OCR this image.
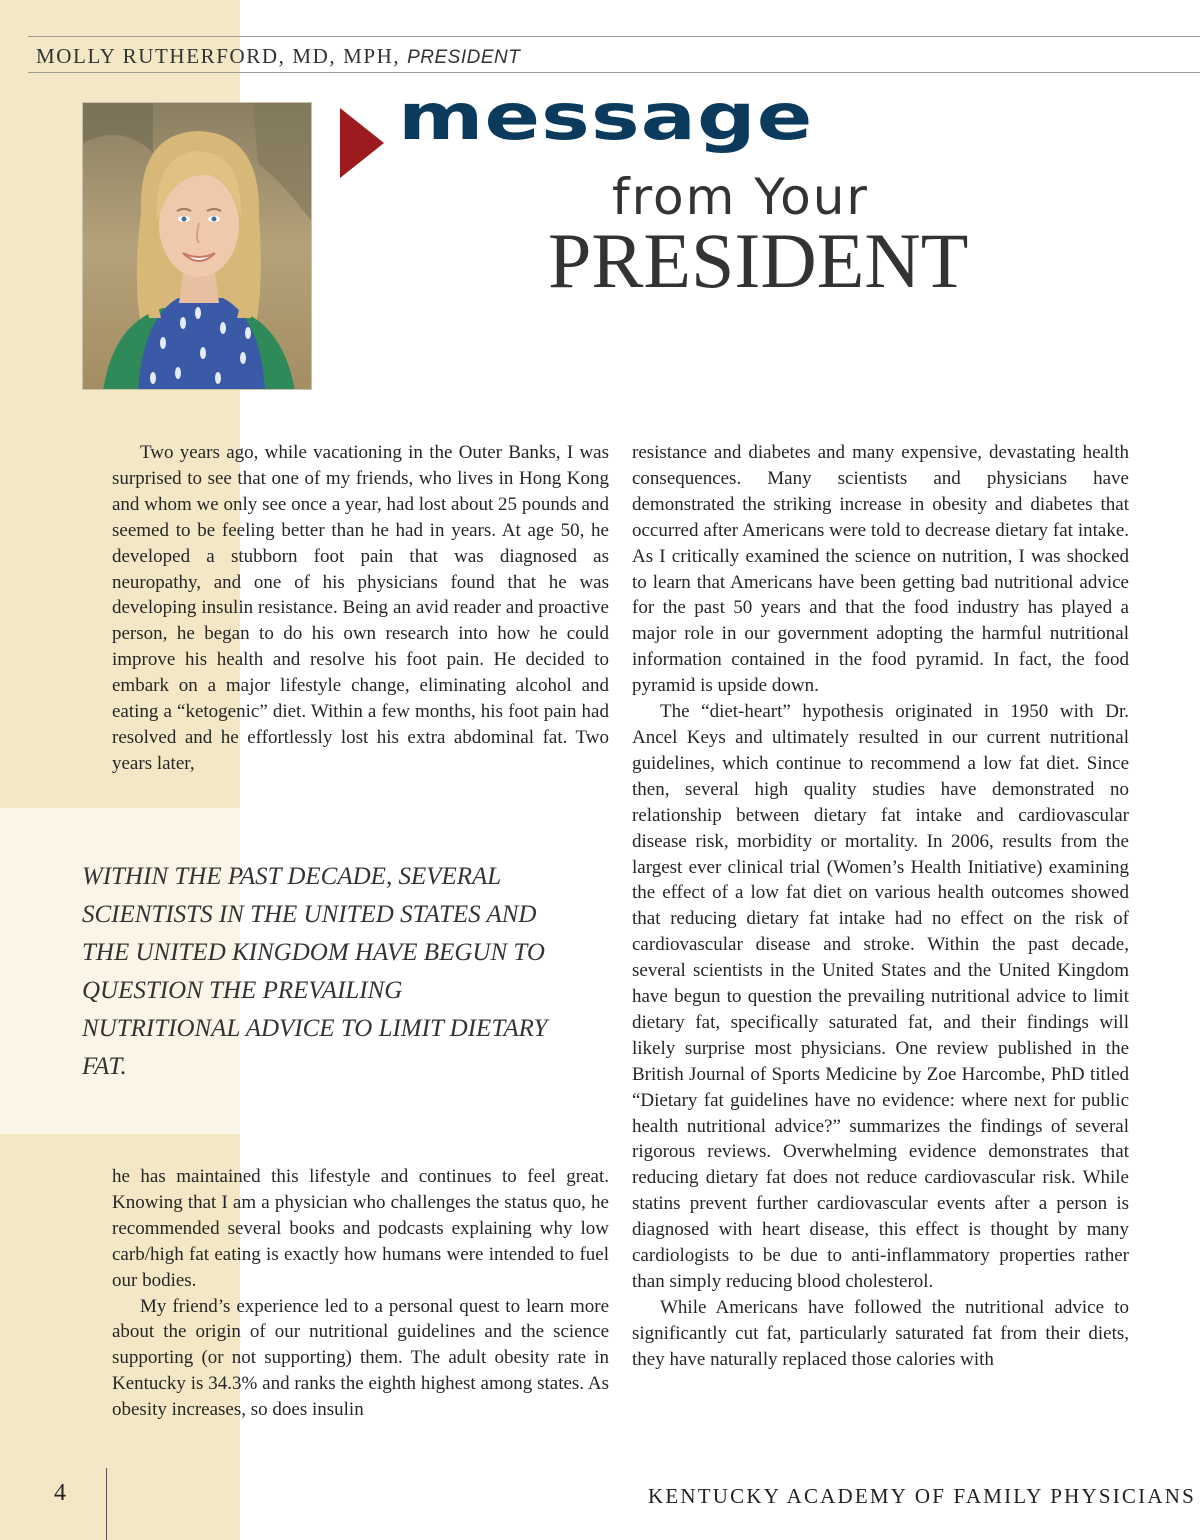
MOLLY RUTHERFORD, MD, MPH, PRESIDENT
message
from Your
PRESIDENT

Two years ago, while vacationing in the Outer Banks, I was surprised to see that one of my friends, who lives in Hong Kong and whom we only see once a year, had lost about 25 pounds and seemed to be feeling better than he had in years. At age 50, he developed a stubborn foot pain that was diagnosed as neuropathy, and one of his physicians found that he was developing insulin resistance. Being an avid reader and proactive person, he began to do his own research into how he could improve his health and resolve his foot pain. He decided to embark on a major lifestyle change, eliminating alcohol and eating a “ketogenic” diet. Within a few months, his foot pain had resolved and he effortlessly lost his extra abdominal fat. Two years later,

WITHIN THE PAST DECADE, SEVERAL SCIENTISTS IN THE UNITED STATES AND THE UNITED KINGDOM HAVE BEGUN TO QUESTION THE PREVAILING NUTRITIONAL ADVICE TO LIMIT DIETARY FAT.

he has maintained this lifestyle and continues to feel great. Knowing that I am a physician who challenges the status quo, he recommended several books and podcasts explaining why low carb/high fat eating is exactly how humans were intended to fuel our bodies.

My friend’s experience led to a personal quest to learn more about the origin of our nutritional guidelines and the science supporting (or not supporting) them. The adult obesity rate in Kentucky is 34.3% and ranks the eighth highest among states. As obesity increases, so does insulin

resistance and diabetes and many expensive, devastating health consequences. Many scientists and physicians have demonstrated the striking increase in obesity and diabetes that occurred after Americans were told to decrease dietary fat intake. As I critically examined the science on nutrition, I was shocked to learn that Americans have been getting bad nutritional advice for the past 50 years and that the food industry has played a major role in our government adopting the harmful nutritional information contained in the food pyramid. In fact, the food pyramid is upside down.

The “diet-heart” hypothesis originated in 1950 with Dr. Ancel Keys and ultimately resulted in our current nutritional guidelines, which continue to recommend a low fat diet. Since then, several high quality studies have demonstrated no relationship between dietary fat intake and cardiovascular disease risk, morbidity or mortality. In 2006, results from the largest ever clinical trial (Women’s Health Initiative) examining the effect of a low fat diet on various health outcomes showed that reducing dietary fat intake had no effect on the risk of cardiovascular disease and stroke. Within the past decade, several scientists in the United States and the United Kingdom have begun to question the prevailing nutritional advice to limit dietary fat, specifically saturated fat, and their findings will likely surprise most physicians. One review published in the British Journal of Sports Medicine by Zoe Harcombe, PhD titled “Dietary fat guidelines have no evidence: where next for public health nutritional advice?” summarizes the findings of several rigorous reviews. Overwhelming evidence demonstrates that reducing dietary fat does not reduce cardiovascular risk. While statins prevent further cardiovascular events after a person is diagnosed with heart disease, this effect is thought by many cardiologists to be due to anti-inflammatory properties rather than simply reducing blood cholesterol.

While Americans have followed the nutritional advice to significantly cut fat, particularly saturated fat from their diets, they have naturally replaced those calories with

4	KENTUCKY ACADEMY OF FAMILY PHYSICIANS
